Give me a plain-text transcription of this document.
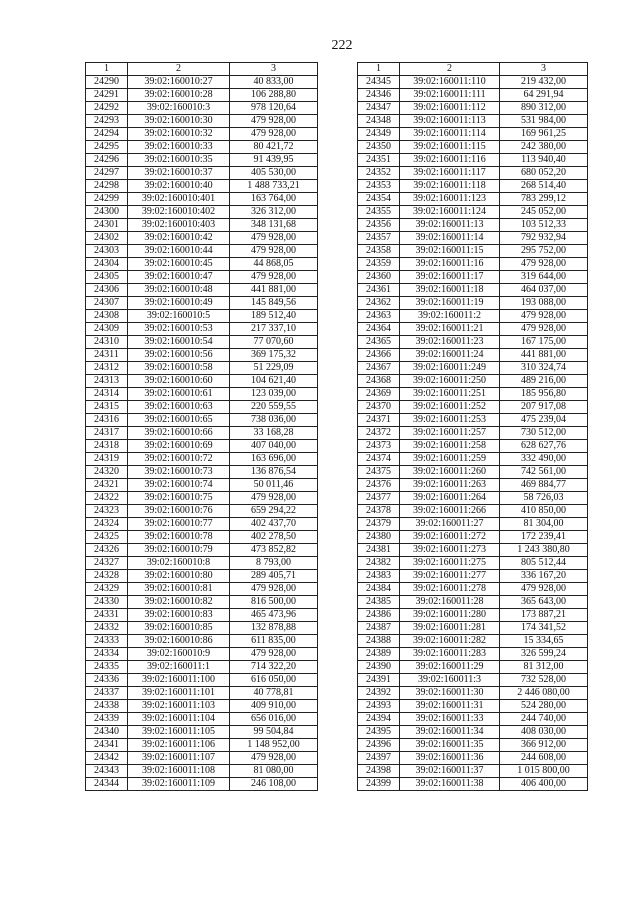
222
1	2	3
24290	39:02:160010:27	40 833,00
24291	39:02:160010:28	106 288,80
24292	39:02:160010:3	978 120,64
24293	39:02:160010:30	479 928,00
24294	39:02:160010:32	479 928,00
24295	39:02:160010:33	80 421,72
24296	39:02:160010:35	91 439,95
24297	39:02:160010:37	405 530,00
24298	39:02:160010:40	1 488 733,21
24299	39:02:160010:401	163 764,00
24300	39:02:160010:402	326 312,00
24301	39:02:160010:403	348 131,68
24302	39:02:160010:42	479 928,00
24303	39:02:160010:44	479 928,00
24304	39:02:160010:45	44 868,05
24305	39:02:160010:47	479 928,00
24306	39:02:160010:48	441 881,00
24307	39:02:160010:49	145 849,56
24308	39:02:160010:5	189 512,40
24309	39:02:160010:53	217 337,10
24310	39:02:160010:54	77 070,60
24311	39:02:160010:56	369 175,32
24312	39:02:160010:58	51 229,09
24313	39:02:160010:60	104 621,40
24314	39:02:160010:61	123 039,00
24315	39:02:160010:63	220 559,55
24316	39:02:160010:65	738 036,00
24317	39:02:160010:66	33 168,28
24318	39:02:160010:69	407 040,00
24319	39:02:160010:72	163 696,00
24320	39:02:160010:73	136 876,54
24321	39:02:160010:74	50 011,46
24322	39:02:160010:75	479 928,00
24323	39:02:160010:76	659 294,22
24324	39:02:160010:77	402 437,70
24325	39:02:160010:78	402 278,50
24326	39:02:160010:79	473 852,82
24327	39:02:160010:8	8 793,00
24328	39:02:160010:80	289 405,71
24329	39:02:160010:81	479 928,00
24330	39:02:160010:82	816 500,00
24331	39:02:160010:83	465 473,96
24332	39:02:160010:85	132 878,88
24333	39:02:160010:86	611 835,00
24334	39:02:160010:9	479 928,00
24335	39:02:160011:1	714 322,20
24336	39:02:160011:100	616 050,00
24337	39:02:160011:101	40 778,81
24338	39:02:160011:103	409 910,00
24339	39:02:160011:104	656 016,00
24340	39:02:160011:105	99 504,84
24341	39:02:160011:106	1 148 952,00
24342	39:02:160011:107	479 928,00
24343	39:02:160011:108	81 080,00
24344	39:02:160011:109	246 108,00
1	2	3
24345	39:02:160011:110	219 432,00
24346	39:02:160011:111	64 291,94
24347	39:02:160011:112	890 312,00
24348	39:02:160011:113	531 984,00
24349	39:02:160011:114	169 961,25
24350	39:02:160011:115	242 380,00
24351	39:02:160011:116	113 940,40
24352	39:02:160011:117	680 052,20
24353	39:02:160011:118	268 514,40
24354	39:02:160011:123	783 299,12
24355	39:02:160011:124	245 052,00
24356	39:02:160011:13	103 512,33
24357	39:02:160011:14	792 932,94
24358	39:02:160011:15	295 752,00
24359	39:02:160011:16	479 928,00
24360	39:02:160011:17	319 644,00
24361	39:02:160011:18	464 037,00
24362	39:02:160011:19	193 088,00
24363	39:02:160011:2	479 928,00
24364	39:02:160011:21	479 928,00
24365	39:02:160011:23	167 175,00
24366	39:02:160011:24	441 881,00
24367	39:02:160011:249	310 324,74
24368	39:02:160011:250	489 216,00
24369	39:02:160011:251	185 956,80
24370	39:02:160011:252	207 917,08
24371	39:02:160011:253	475 239,04
24372	39:02:160011:257	730 512,00
24373	39:02:160011:258	628 627,76
24374	39:02:160011:259	332 490,00
24375	39:02:160011:260	742 561,00
24376	39:02:160011:263	469 884,77
24377	39:02:160011:264	58 726,03
24378	39:02:160011:266	410 850,00
24379	39:02:160011:27	81 304,00
24380	39:02:160011:272	172 239,41
24381	39:02:160011:273	1 243 380,80
24382	39:02:160011:275	805 512,44
24383	39:02:160011:277	336 167,20
24384	39:02:160011:278	479 928,00
24385	39:02:160011:28	365 643,00
24386	39:02:160011:280	173 887,21
24387	39:02:160011:281	174 341,52
24388	39:02:160011:282	15 334,65
24389	39:02:160011:283	326 599,24
24390	39:02:160011:29	81 312,00
24391	39:02:160011:3	732 528,00
24392	39:02:160011:30	2 446 080,00
24393	39:02:160011:31	524 280,00
24394	39:02:160011:33	244 740,00
24395	39:02:160011:34	408 030,00
24396	39:02:160011:35	366 912,00
24397	39:02:160011:36	244 608,00
24398	39:02:160011:37	1 015 800,00
24399	39:02:160011:38	406 400,00
